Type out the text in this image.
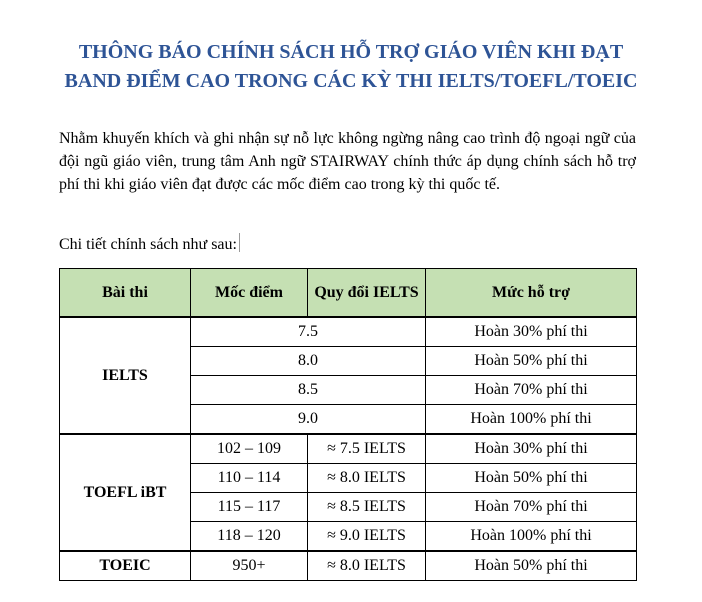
THÔNG BÁO CHÍNH SÁCH HỖ TRỢ GIÁO VIÊN KHI ĐẠT
BAND ĐIỂM CAO TRONG CÁC KỲ THI IELTS/TOEFL/TOEIC
Nhằm khuyến khích và ghi nhận sự nỗ lực không ngừng nâng cao trình độ ngoại ngữ của đội ngũ giáo viên, trung tâm Anh ngữ STAIRWAY chính thức áp dụng chính sách hỗ trợ phí thi khi giáo viên đạt được các mốc điểm cao trong kỳ thi quốc tế.
Chi tiết chính sách như sau:
Bài thi	Mốc điểm	Quy đổi IELTS	Mức hỗ trợ
IELTS	7.5		Hoàn 30% phí thi
	8.0		Hoàn 50% phí thi
	8.5		Hoàn 70% phí thi
	9.0		Hoàn 100% phí thi
TOEFL iBT	102 – 109	≈ 7.5 IELTS	Hoàn 30% phí thi
	110 – 114	≈ 8.0 IELTS	Hoàn 50% phí thi
	115 – 117	≈ 8.5 IELTS	Hoàn 70% phí thi
	118 – 120	≈ 9.0 IELTS	Hoàn 100% phí thi
TOEIC	950+	≈ 8.0 IELTS	Hoàn 50% phí thi
